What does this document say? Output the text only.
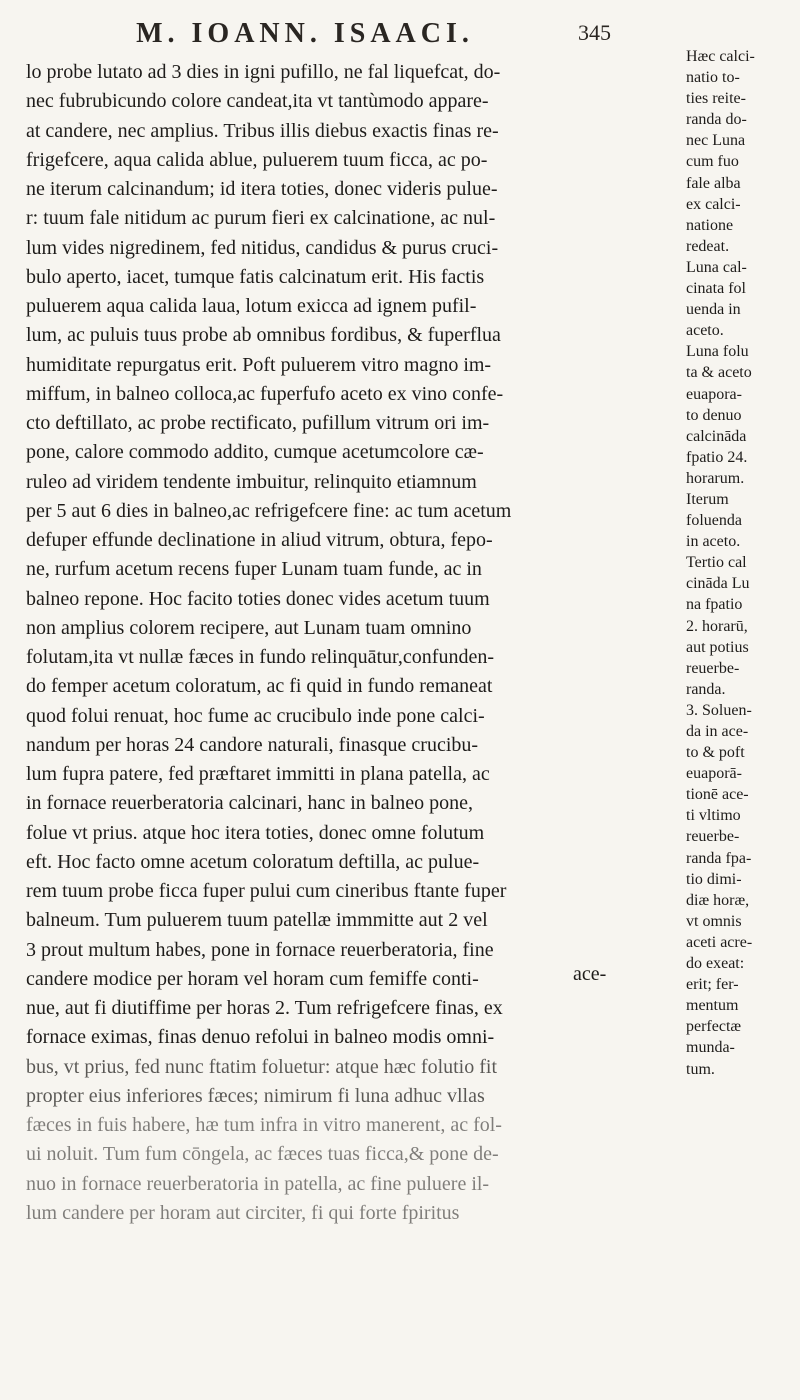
M. IOANN. ISAACI.	345
lo probe lutato ad 3 dies in igni pufillo, ne fal liquefcat, do-
nec fubrubicundo colore candeat,ita vt tantùmodo appare-
at candere, nec amplius. Tribus illis diebus exactis finas re-
frigefcere, aqua calida ablue, puluerem tuum ficca, ac po-
ne iterum calcinandum; id itera toties, donec videris pulue-
r: tuum fale nitidum ac purum fieri ex calcinatione, ac nul-
lum vides nigredinem, fed nitidus, candidus & purus cruci-
bulo aperto, iacet, tumque fatis calcinatum erit. His factis
puluerem aqua calida laua, lotum exicca ad ignem pufil-
lum, ac puluis tuus probe ab omnibus fordibus, & fuperflua
humiditate repurgatus erit. Poft puluerem vitro magno im-
miffum, in balneo colloca,ac fuperfufo aceto ex vino confe-
cto deftillato, ac probe rectificato, pufillum vitrum ori im-
pone, calore commodo addito, cumque acetumcolore cæ-
ruleo ad viridem tendente imbuitur, relinquito etiamnum
per 5 aut 6 dies in balneo,ac refrigefcere fine: ac tum acetum
defuper effunde declinatione in aliud vitrum, obtura, fepo-
ne, rurfum acetum recens fuper Lunam tuam funde, ac in
balneo repone. Hoc facito toties donec vides acetum tuum
non amplius colorem recipere, aut Lunam tuam omnino
folutam,ita vt nullæ fæces in fundo relinquātur,confunden-
do femper acetum coloratum, ac fi quid in fundo remaneat
quod folui renuat, hoc fume ac crucibulo inde pone calci-
nandum per horas 24 candore naturali, finasque crucibu-
lum fupra patere, fed præftaret immitti in plana patella, ac
in fornace reuerberatoria calcinari, hanc in balneo pone,
folue vt prius. atque hoc itera toties, donec omne folutum
eft. Hoc facto omne acetum coloratum deftilla, ac pulue-
rem tuum probe ficca fuper pului cum cineribus ftante fuper
balneum. Tum puluerem tuum patellæ immmitte aut 2 vel
3 prout multum habes, pone in fornace reuerberatoria, fine
candere modice per horam vel horam cum femiffe conti-
nue, aut fi diutiffime per horas 2. Tum refrigefcere finas, ex
fornace eximas, finas denuo refolui in balneo modis omni-
bus, vt prius, fed nunc ftatim foluetur: atque hæc folutio fit
propter eius inferiores fæces; nimirum fi luna adhuc vllas
fæces in fuis habere, hæ tum infra in vitro manerent, ac fol-
ui noluit. Tum fum cōngela, ac fæces tuas ficca,& pone de-
nuo in fornace reuerberatoria in patella, ac fine puluere il-
lum candere per horam aut circiter, fi qui forte fpiritus
ace-
Hæc calci-
natio to-
ties reite-
randa do-
nec Luna
cum fuo
fale alba
ex calci-
natione
redeat.
Luna cal-
cinata fol
uenda in
aceto.
Luna folu
ta & aceto
euapora-
to denuo
calcināda
fpatio 24.
horarum.
Iterum
foluenda
in aceto.
Tertio cal
cināda Lu
na fpatio
2. horarū,
aut potius
reuerbe-
randa.
3. Soluen-
da in ace-
to & poft
euaporā-
tionē ace-
ti vltimo
reuerbe-
randa fpa-
tio dimi-
diæ horæ,
vt omnis
aceti acre-
do exeat:
erit; fer-
mentum
perfectæ
munda-
tum.
